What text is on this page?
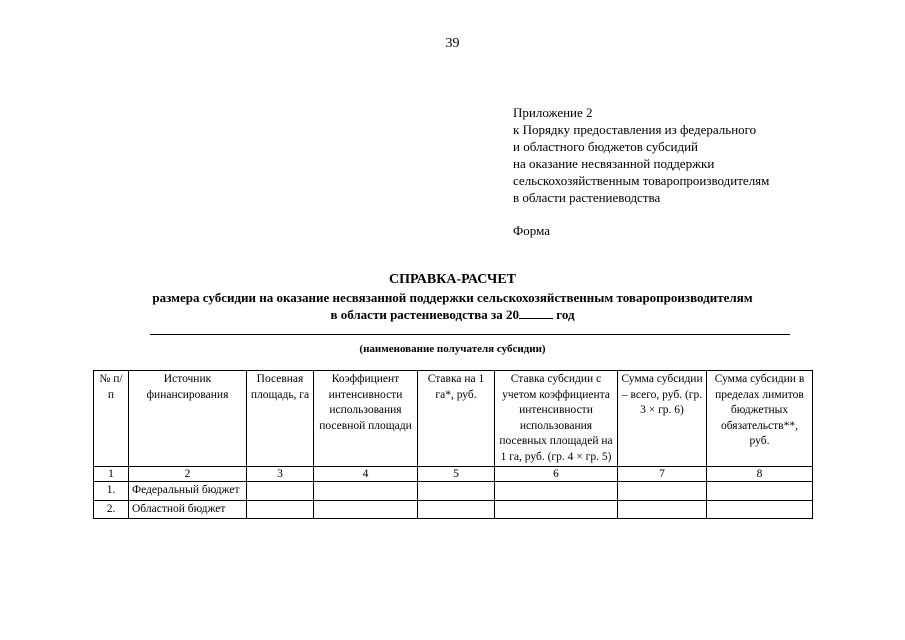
39
Приложение 2
к Порядку предоставления из федерального
и областного бюджетов субсидий
на оказание несвязанной поддержки
сельскохозяйственным товаропроизводителям
в области растениеводства
Форма
СПРАВКА-РАСЧЕТ
размера субсидии на оказание несвязанной поддержки сельскохозяйственным товаропроизводителям
в области растениеводства за 20	год
(наименование получателя субсидии)
№ п/п	Источник финансирования	Посевная площадь, га	Коэффициент интенсивности использования посевной площади	Ставка на 1 га*, руб.	Ставка субсидии с учетом коэффициента интенсивности использования посевных площадей на 1 га, руб. (гр. 4 × гр. 5)	Сумма субсидии – всего, руб. (гр. 3 × гр. 6)	Сумма субсидии в пределах лимитов бюджетных обязательств**, руб.
1	2	3	4	5	6	7	8
1.	Федеральный бюджет						
2.	Областной бюджет						
